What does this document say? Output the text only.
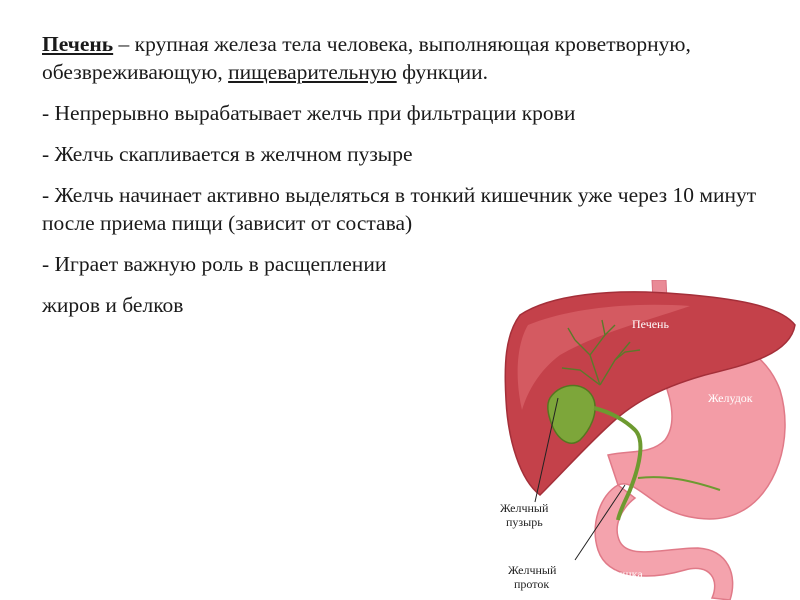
Печень – крупная железа тела человека, выполняющая кроветворную, обезвреживающую, пищеварительную функции.

- Непрерывно вырабатывает желчь при фильтрации крови

- Желчь скапливается в желчном пузыре

- Желчь начинает активно выделяться в тонкий кишечник уже через 10 минут после приема пищи (зависит от состава)

- Играет важную роль в расщеплении

жиров и белков

Печень
Желудок
Желчный
пузырь
Желчный
проток
Кишка
